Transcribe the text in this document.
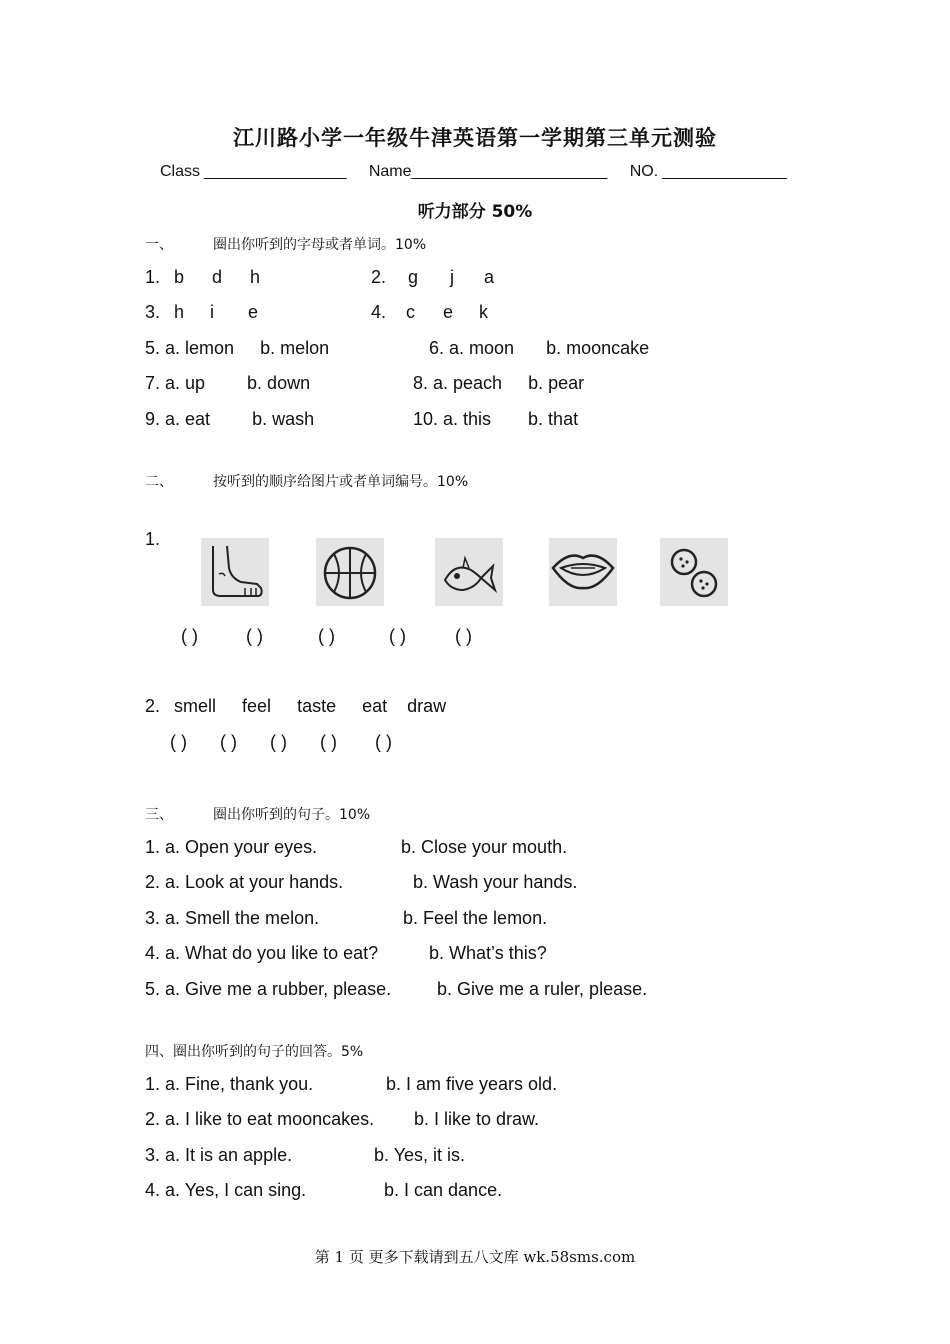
江川路小学一年级牛津英语第一学期第三单元测验
Class ________________ Name______________________ NO. ______________
听力部分 50%
一、	圈出你听到的字母或者单词。10%
1. b d h	2. g j a
3. h i e	4. c e k
5. a. lemon b. melon	6. a. moon b. mooncake
7. a. up b. down	8. a. peach b. pear
9. a. eat b. wash	10. a. this b. that
二、	按听到的顺序给图片或者单词编号。10%
1.
( )	( )	( )	( )	( )
2. smell feel taste eat draw
( ) ( ) ( ) ( ) ( )
三、	圈出你听到的句子。10%
1. a. Open your eyes.	b. Close your mouth.
2. a. Look at your hands.	b. Wash your hands.
3. a. Smell the melon.	b. Feel the lemon.
4. a. What do you like to eat?	b. What’s this?
5. a. Give me a rubber, please.	b. Give me a ruler, please.
四、圈出你听到的句子的回答。5%
1. a. Fine, thank you.	b. I am five years old.
2. a. I like to eat mooncakes. b. I like to draw.
3. a. It is an apple.	b. Yes, it is.
4. a. Yes, I can sing.	b. I can dance.
第 1 页 更多下载请到五八文库 wk.58sms.com
